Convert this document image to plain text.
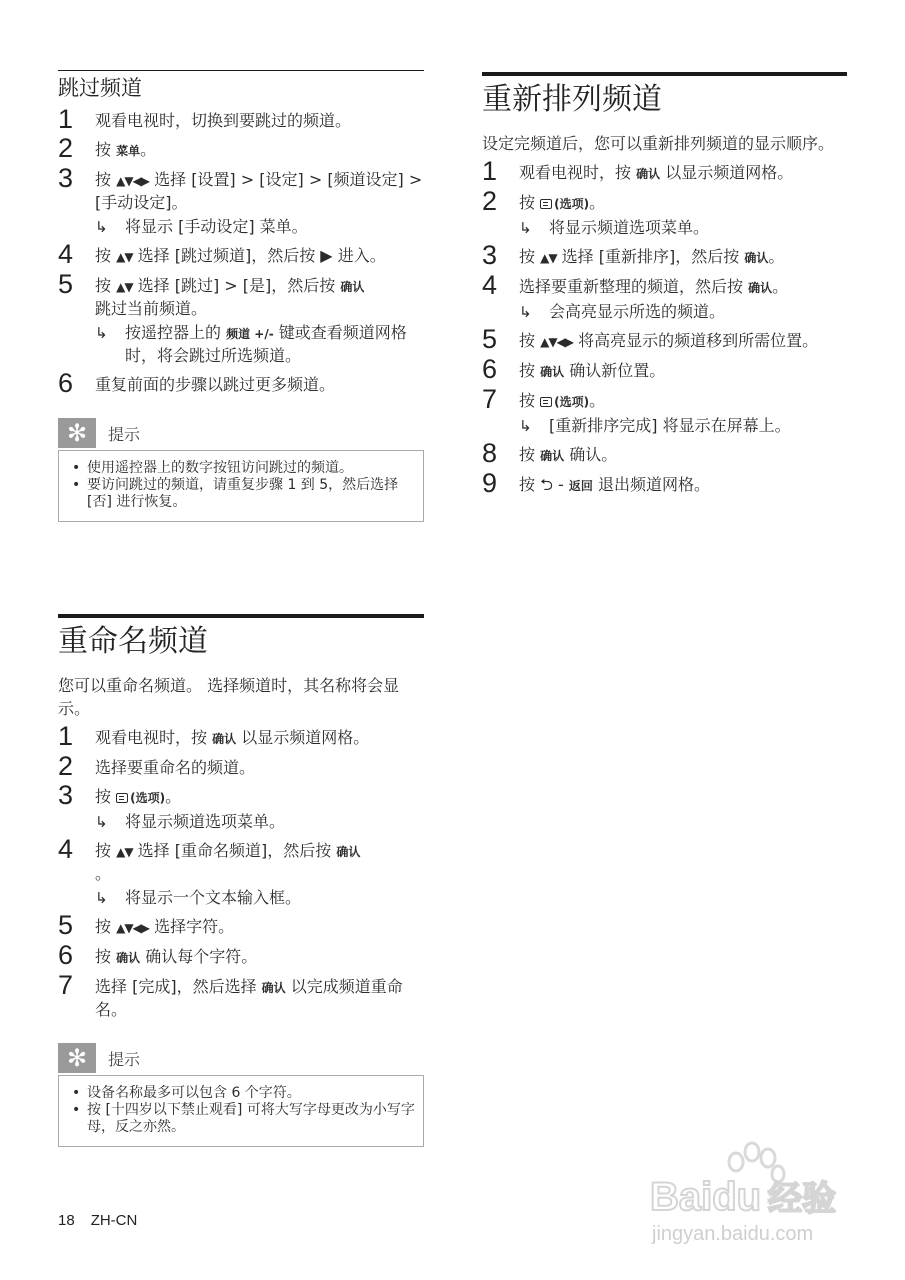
跳过频道
1 观看电视时，切换到要跳过的频道。
2 按 菜单。
3 按 ▲▼◀▶ 选择 [设置] > [设定] > [频道设定] > [手动设定]。
↳ 将显示 [手动设定] 菜单。
4 按 ▲▼ 选择 [跳过频道]，然后按 ▶ 进入。
5 按 ▲▼ 选择 [跳过] > [是]，然后按 确认
跳过当前频道。
↳ 按遥控器上的 频道 +/- 键或查看频道网格时，将会跳过所选频道。
6 重复前面的步骤以跳过更多频道。
✻	提示
• 使用遥控器上的数字按钮访问跳过的频道。
• 要访问跳过的频道，请重复步骤 1 到 5，然后选择 [否] 进行恢复。
重命名频道

您可以重命名频道。 选择频道时，其名称将会显示。

1 观看电视时，按 确认 以显示频道网格。
2 选择要重命名的频道。
3 按 (选项)。
↳ 将显示频道选项菜单。
4 按 ▲▼ 选择 [重命名频道]，然后按 确认
。
↳ 将显示一个文本输入框。
5 按 ▲▼◀▶ 选择字符。
6 按 确认 确认每个字符。
7 选择 [完成]，然后选择 确认 以完成频道重命名。
✻	提示
• 设备名称最多可以包含 6 个字符。
• 按 [十四岁以下禁止观看] 可将大写字母更改为小写字母，反之亦然。
重新排列频道

设定完频道后，您可以重新排列频道的显示顺序。

1 观看电视时，按 确认 以显示频道网格。
2 按 (选项)。
↳ 将显示频道选项菜单。
3 按 ▲▼ 选择 [重新排序]，然后按 确认。
4 选择要重新整理的频道，然后按 确认。
↳ 会高亮显示所选的频道。
5 按 ▲▼◀▶ 将高亮显示的频道移到所需位置。
6 按 确认 确认新位置。
7 按 (选项)。
↳ [重新排序完成] 将显示在屏幕上。
8 按 确认 确认。
9 按 ⮌ - 返回 退出频道网格。
18 ZH-CN
Baidu 经验
jingyan.baidu.com
